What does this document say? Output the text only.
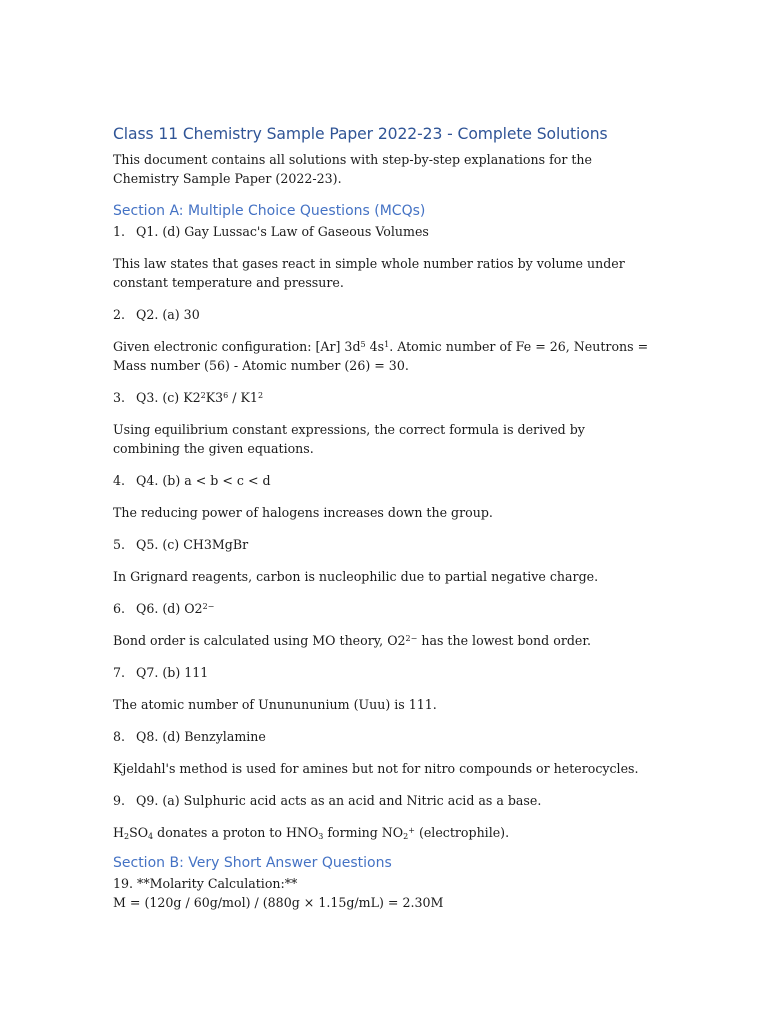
Class 11 Chemistry Sample Paper 2022-23 - Complete Solutions

This document contains all solutions with step-by-step explanations for the Chemistry Sample Paper (2022-23).

Section A: Multiple Choice Questions (MCQs)
1. Q1. (d) Gay Lussac's Law of Gaseous Volumes

This law states that gases react in simple whole number ratios by volume under constant temperature and pressure.

2. Q2. (a) 30

Given electronic configuration: [Ar] $3d^5$ $4s^1$. Atomic number of Fe = 26, Neutrons = Mass number (56) - Atomic number (26) = 30.

3. Q3. (c) $K2^2K3^6 / K1^2$

Using equilibrium constant expressions, the correct formula is derived by combining the given equations.

4. Q4. (b) a < b < c < d

The reducing power of halogens increases down the group.

5. Q5. (c) CH3MgBr

In Grignard reagents, carbon is nucleophilic due to partial negative charge.

6. Q6. (d) $O2^{2-}$

Bond order is calculated using MO theory, $O2^{2-}$ has the lowest bond order.

7. Q7. (b) 111

The atomic number of Ununununium (Uuu) is 111.

8. Q8. (d) Benzylamine

Kjeldahl's method is used for amines but not for nitro compounds or heterocycles.

9. Q9. (a) Sulphuric acid acts as an acid and Nitric acid as a base.

$H_2SO_4$ donates a proton to $HNO_3$ forming $NO_2^+$ (electrophile).

Section B: Very Short Answer Questions

19. **Molarity Calculation:**

M = (120g / 60g/mol) / (880g × 1.15g/mL) = 2.30M
